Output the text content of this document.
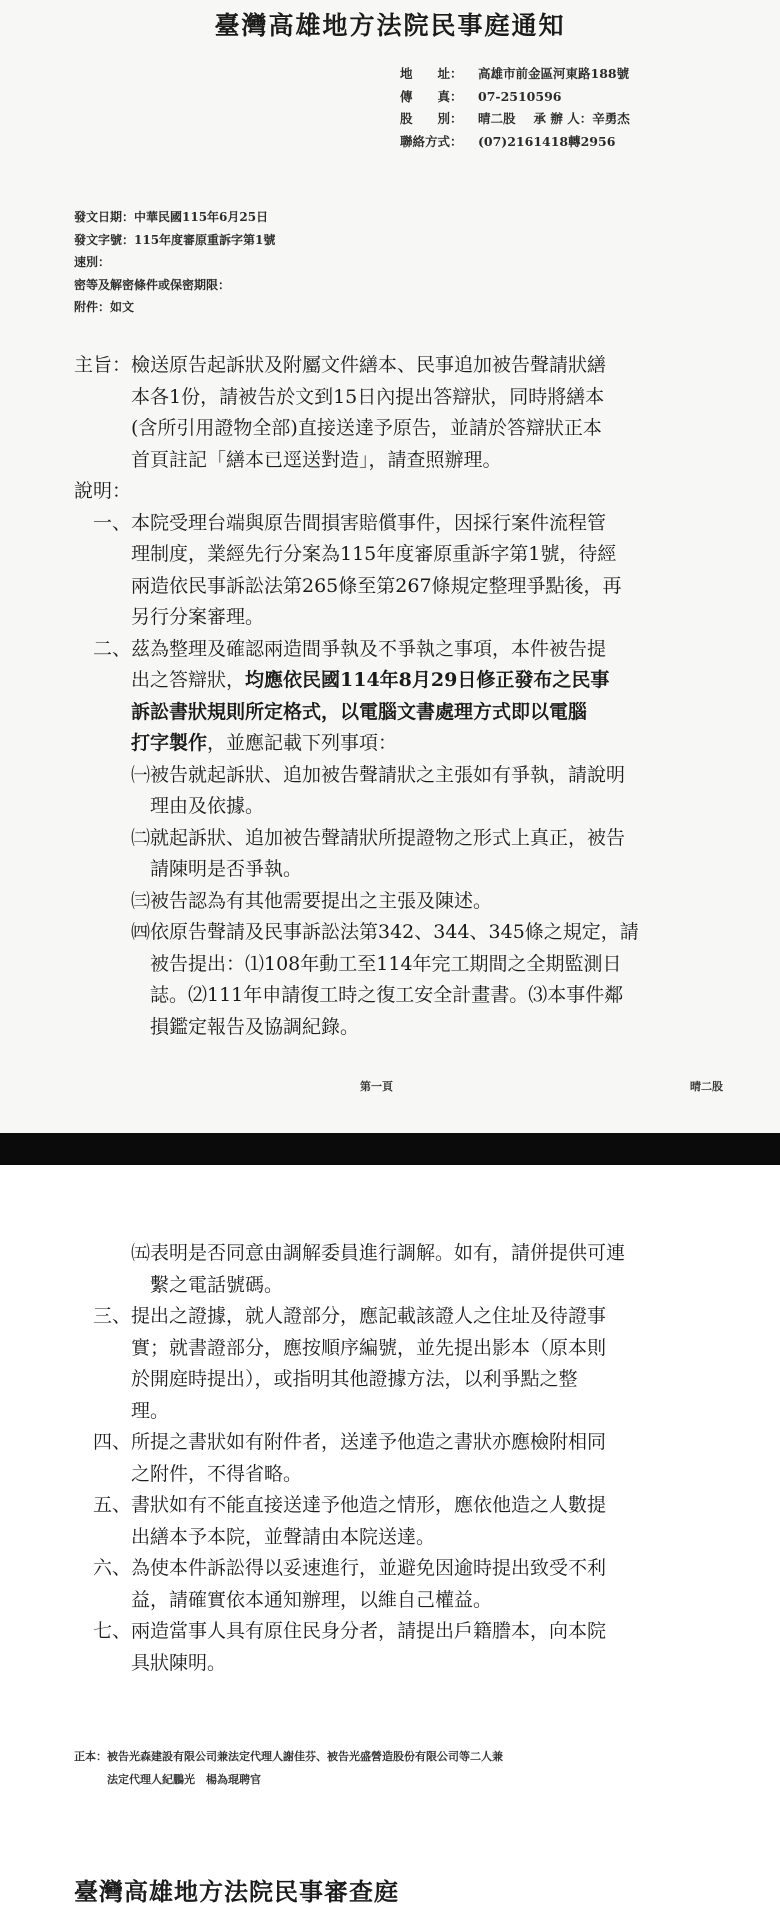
臺灣高雄地方法院民事庭通知
地　　址：	高雄市前金區河東路188號
傳　　真：	07-2510596
股　　別：	晴二股 承 辦 人： 辛勇杰
聯絡方式：	(07)2161418轉2956
發文日期：中華民國115年6月25日
發文字號：115年度審原重訴字第1號
速別：
密等及解密條件或保密期限：
附件：如文
主旨：檢送原告起訴狀及附屬文件繕本、民事追加被告聲請狀繕
　　　本各1份，請被告於文到15日內提出答辯狀，同時將繕本
　　　(含所引用證物全部)直接送達予原告，並請於答辯狀正本
　　　首頁註記「繕本已逕送對造」，請查照辦理。
說明：
　一、本院受理台端與原告間損害賠償事件，因採行案件流程管
　　　理制度，業經先行分案為115年度審原重訴字第1號，待經
　　　兩造依民事訴訟法第265條至第267條規定整理爭點後，再
　　　另行分案審理。
　二、茲為整理及確認兩造間爭執及不爭執之事項，本件被告提
　　　出之答辯狀，均應依民國114年8月29日修正發布之民事
　　　訴訟書狀規則所定格式，以電腦文書處理方式即以電腦
　　　打字製作，並應記載下列事項：
　　　㈠被告就起訴狀、追加被告聲請狀之主張如有爭執，請說明
　　　　理由及依據。
　　　㈡就起訴狀、追加被告聲請狀所提證物之形式上真正，被告
　　　　請陳明是否爭執。
　　　㈢被告認為有其他需要提出之主張及陳述。
　　　㈣依原告聲請及民事訴訟法第342、344、345條之規定，請
　　　　被告提出：⑴108年動工至114年完工期間之全期監測日
　　　　誌。⑵111年申請復工時之復工安全計畫書。⑶本事件鄰
　　　　損鑑定報告及協調紀錄。
第一頁	晴二股
　　　㈤表明是否同意由調解委員進行調解。如有，請併提供可連
　　　　繫之電話號碼。
　三、提出之證據，就人證部分，應記載該證人之住址及待證事
　　　實；就書證部分，應按順序編號，並先提出影本（原本則
　　　於開庭時提出），或指明其他證據方法，以利爭點之整
　　　理。
　四、所提之書狀如有附件者，送達予他造之書狀亦應檢附相同
　　　之附件，不得省略。
　五、書狀如有不能直接送達予他造之情形，應依他造之人數提
　　　出繕本予本院，並聲請由本院送達。
　六、為使本件訴訟得以妥速進行，並避免因逾時提出致受不利
　　　益，請確實依本通知辦理，以維自己權益。
　七、兩造當事人具有原住民身分者，請提出戶籍謄本，向本院
　　　具狀陳明。
正本：被告光森建設有限公司兼法定代理人謝佳芬、被告光盛營造股份有限公司等二人兼
　　　法定代理人紀鵬光　楊為琨聘官
臺灣高雄地方法院民事審查庭
